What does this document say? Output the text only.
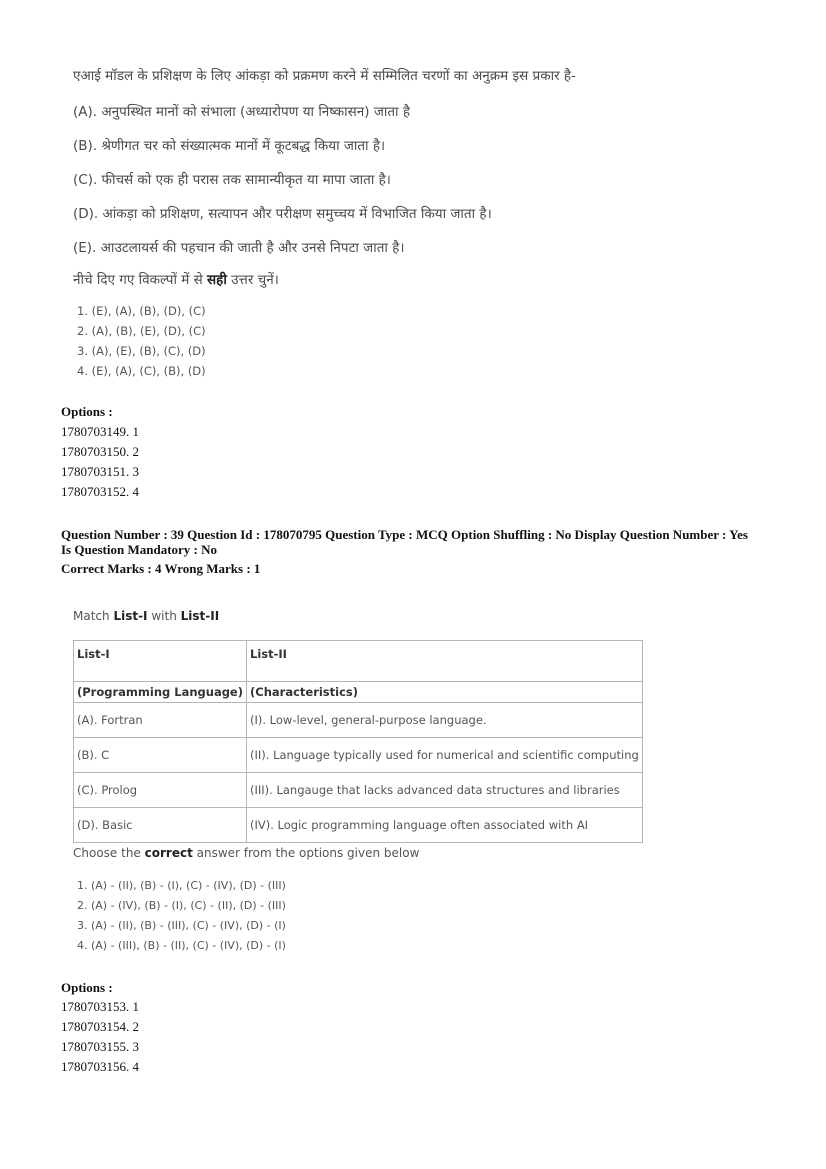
एआई मॉडल के प्रशिक्षण के लिए आंकड़ा को प्रक्रमण करने में सम्मिलित चरणों का अनुक्रम इस प्रकार है-
(A). अनुपस्थित मानों को संभाला (अध्यारोपण या निष्कासन) जाता है
(B). श्रेणीगत चर को संख्यात्मक मानों में कूटबद्ध किया जाता है।
(C). फीचर्स को एक ही परास तक सामान्यीकृत या मापा जाता है।
(D). आंकड़ा को प्रशिक्षण, सत्यापन और परीक्षण समुच्चय में विभाजित किया जाता है।
(E). आउटलायर्स की पहचान की जाती है और उनसे निपटा जाता है।
नीचे दिए गए विकल्पों में से सही उत्तर चुनें।
1. (E), (A), (B), (D), (C)
2. (A), (B), (E), (D), (C)
3. (A), (E), (B), (C), (D)
4. (E), (A), (C), (B), (D)
Options :
1780703149. 1
1780703150. 2
1780703151. 3
1780703152. 4
Question Number : 39 Question Id : 178070795 Question Type : MCQ Option Shuffling : No Display Question Number : Yes
Is Question Mandatory : No
Correct Marks : 4 Wrong Marks : 1
Match List-I with List-II
List-I	List-II
(Programming Language)	(Characteristics)
(A). Fortran	(I). Low-level, general-purpose language.
(B). C	(II). Language typically used for numerical and scientific computing
(C). Prolog	(III). Langauge that lacks advanced data structures and libraries
(D). Basic	(IV). Logic programming language often associated with AI
Choose the correct answer from the options given below
1. (A) - (II), (B) - (I), (C) - (IV), (D) - (III)
2. (A) - (IV), (B) - (I), (C) - (II), (D) - (III)
3. (A) - (II), (B) - (III), (C) - (IV), (D) - (I)
4. (A) - (III), (B) - (II), (C) - (IV), (D) - (I)
Options :
1780703153. 1
1780703154. 2
1780703155. 3
1780703156. 4
